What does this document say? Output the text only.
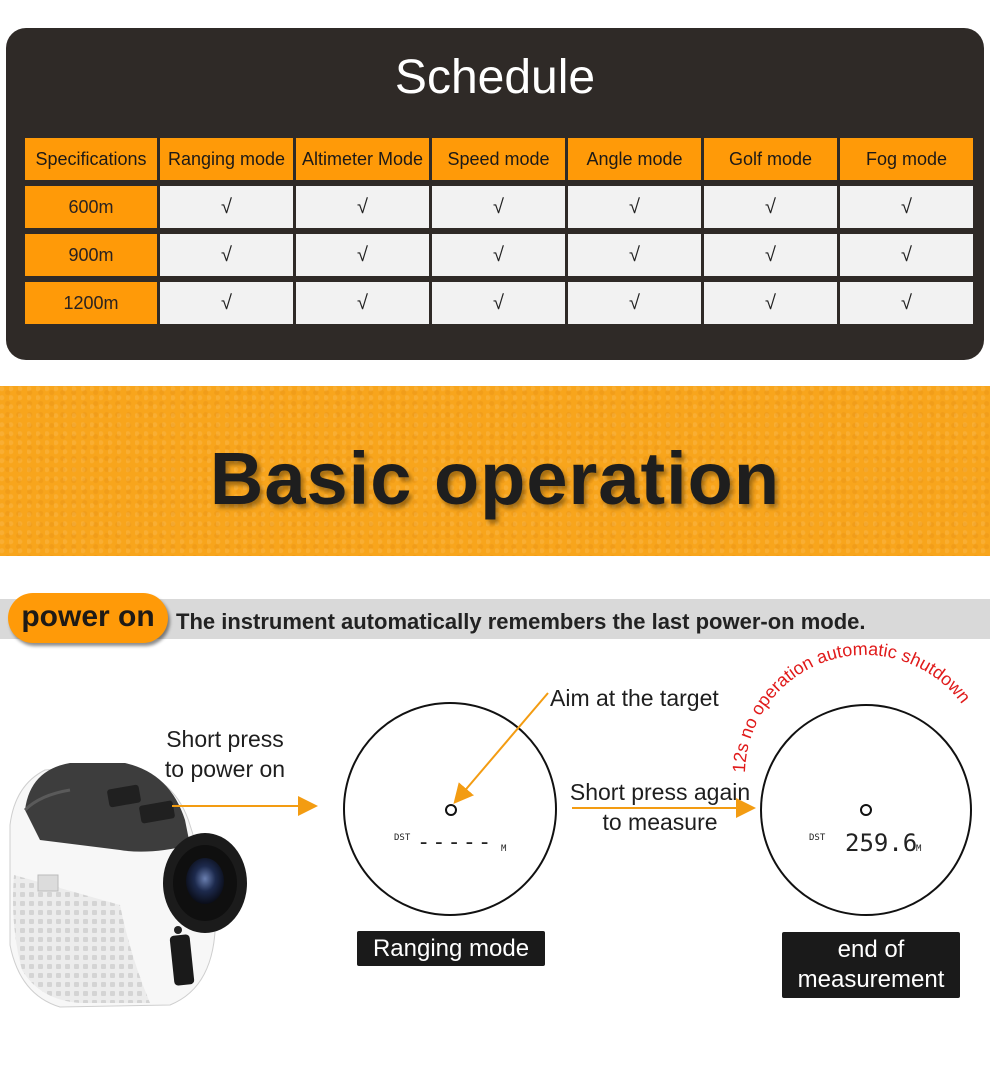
Schedule
Specifications	Ranging mode	Altimeter Mode	Speed mode	Angle mode	Golf mode	Fog mode
600m	√	√	√	√	√	√
900m	√	√	√	√	√	√
1200m	√	√	√	√	√	√
Basic operation
power on The instrument automatically remembers the last power-on mode.
Short press
to power on
Aim at the target
Short press again
to measure
DST ----- M
DST 259.6
M
12s no operation automatic shutdown
Ranging mode	end of
measurement
